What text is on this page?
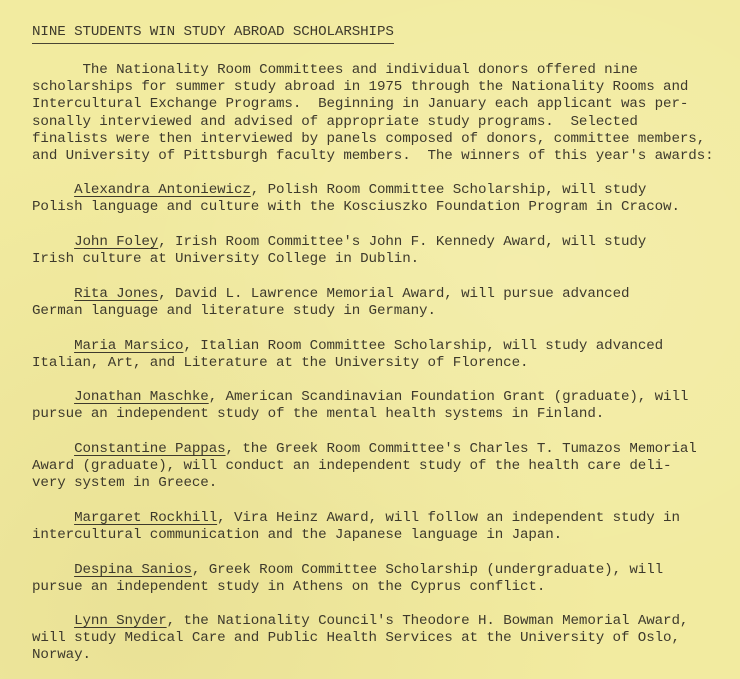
NINE STUDENTS WIN STUDY ABROAD SCHOLARSHIPS

The Nationality Room Committees and individual donors offered nine
scholarships for summer study abroad in 1975 through the Nationality Rooms and
Intercultural Exchange Programs.  Beginning in January each applicant was per-
sonally interviewed and advised of appropriate study programs.  Selected
finalists were then interviewed by panels composed of donors, committee members,
and University of Pittsburgh faculty members.  The winners of this year's awards:

Alexandra Antoniewicz, Polish Room Committee Scholarship, will study
Polish language and culture with the Kosciuszko Foundation Program in Cracow.

John Foley, Irish Room Committee's John F. Kennedy Award, will study
Irish culture at University College in Dublin.

Rita Jones, David L. Lawrence Memorial Award, will pursue advanced
German language and literature study in Germany.

Maria Marsico, Italian Room Committee Scholarship, will study advanced
Italian, Art, and Literature at the University of Florence.

Jonathan Maschke, American Scandinavian Foundation Grant (graduate), will
pursue an independent study of the mental health systems in Finland.

Constantine Pappas, the Greek Room Committee's Charles T. Tumazos Memorial
Award (graduate), will conduct an independent study of the health care deli-
very system in Greece.

Margaret Rockhill, Vira Heinz Award, will follow an independent study in
intercultural communication and the Japanese language in Japan.

Despina Sanios, Greek Room Committee Scholarship (undergraduate), will
pursue an independent study in Athens on the Cyprus conflict.

Lynn Snyder, the Nationality Council's Theodore H. Bowman Memorial Award,
will study Medical Care and Public Health Services at the University of Oslo,
Norway.
